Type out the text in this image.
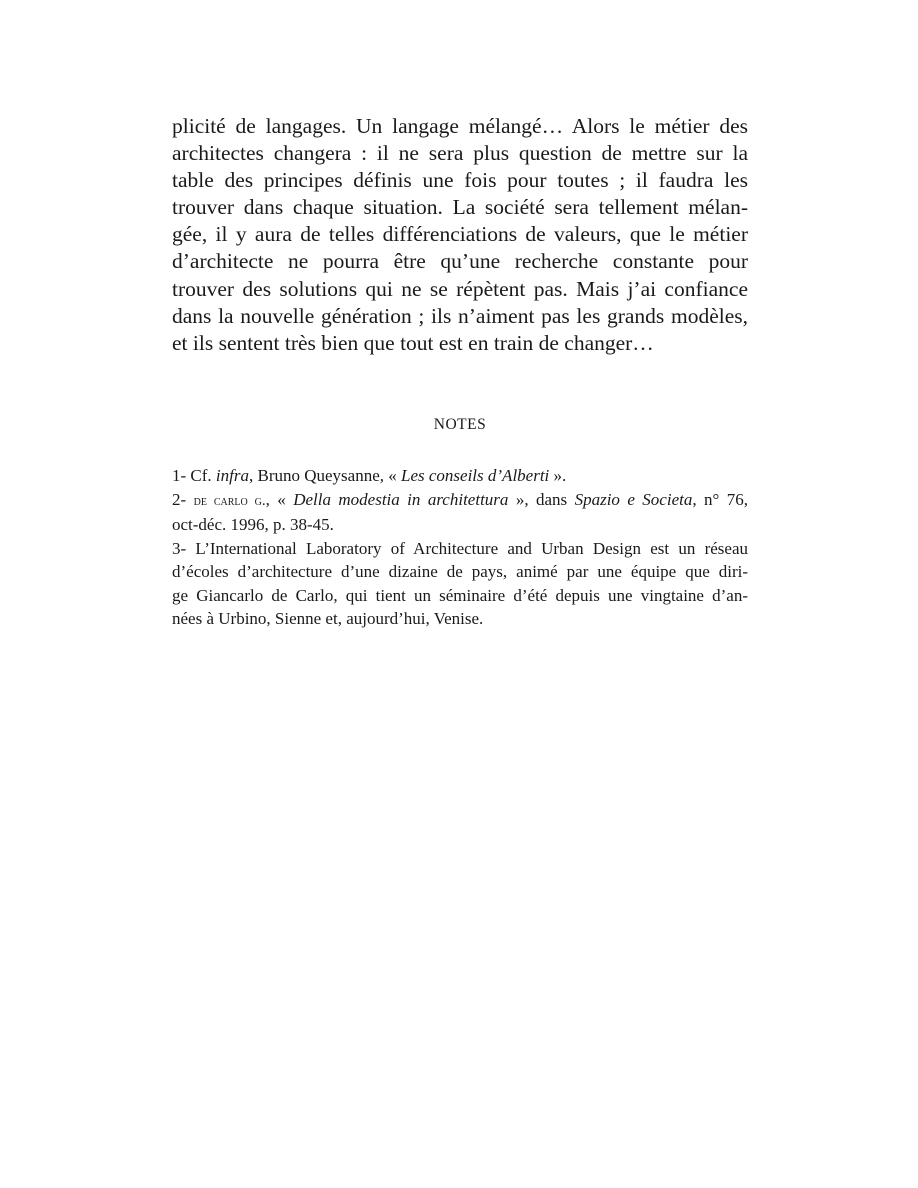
plicité de langages. Un langage mélangé… Alors le métier des
architectes changera : il ne sera plus question de mettre sur la
table des principes définis une fois pour toutes ; il faudra les
trouver dans chaque situation. La société sera tellement mélan-
gée, il y aura de telles différenciations de valeurs, que le métier
d’architecte ne pourra être qu’une recherche constante pour
trouver des solutions qui ne se répètent pas. Mais j’ai confiance
dans la nouvelle génération ; ils n’aiment pas les grands modèles,
et ils sentent très bien que tout est en train de changer…
NOTES
1- Cf. infra, Bruno Queysanne, « Les conseils d’Alberti ».
2- de carlo g., « Della modestia in architettura », dans Spazio e Societa, n° 76,
oct-déc. 1996, p. 38-45.
3- L’International Laboratory of Architecture and Urban Design est un réseau
d’écoles d’architecture d’une dizaine de pays, animé par une équipe que diri-
ge Giancarlo de Carlo, qui tient un séminaire d’été depuis une vingtaine d’an-
nées à Urbino, Sienne et, aujourd’hui, Venise.
